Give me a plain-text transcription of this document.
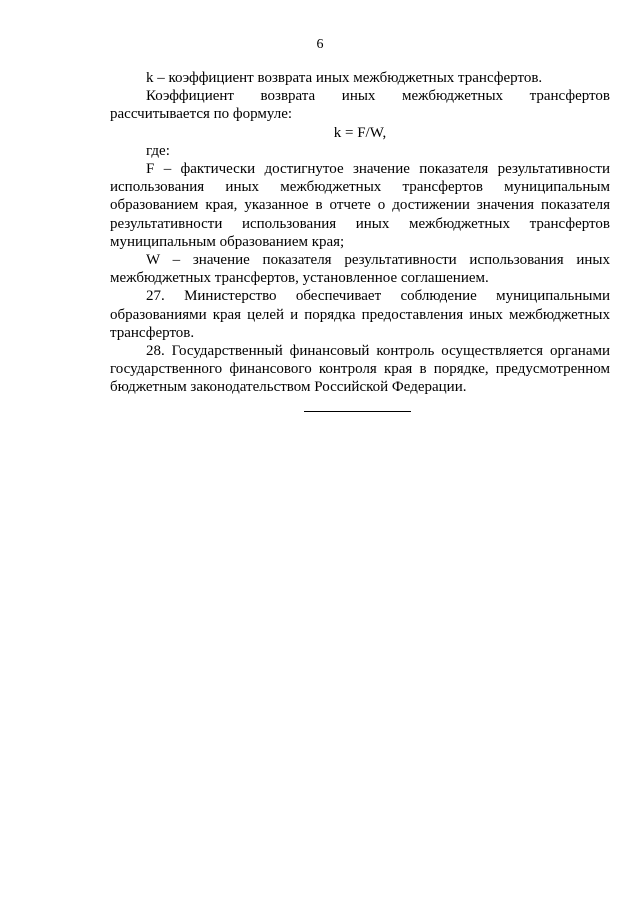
6

k – коэффициент возврата иных межбюджетных трансфертов.

Коэффициент возврата иных межбюджетных трансфертов рассчитывается по формуле:

k = F/W,

где:

F – фактически достигнутое значение показателя результативности использования иных межбюджетных трансфертов муниципальным образованием края, указанное в отчете о достижении значения показателя результативности использования иных межбюджетных трансфертов муниципальным образованием края;

W – значение показателя результативности использования иных межбюджетных трансфертов, установленное соглашением.

27. Министерство обеспечивает соблюдение муниципальными образованиями края целей и порядка предоставления иных межбюджетных трансфертов.

28. Государственный финансовый контроль осуществляется органами государственного финансового контроля края в порядке, предусмотренном бюджетным законодательством Российской Федерации.
